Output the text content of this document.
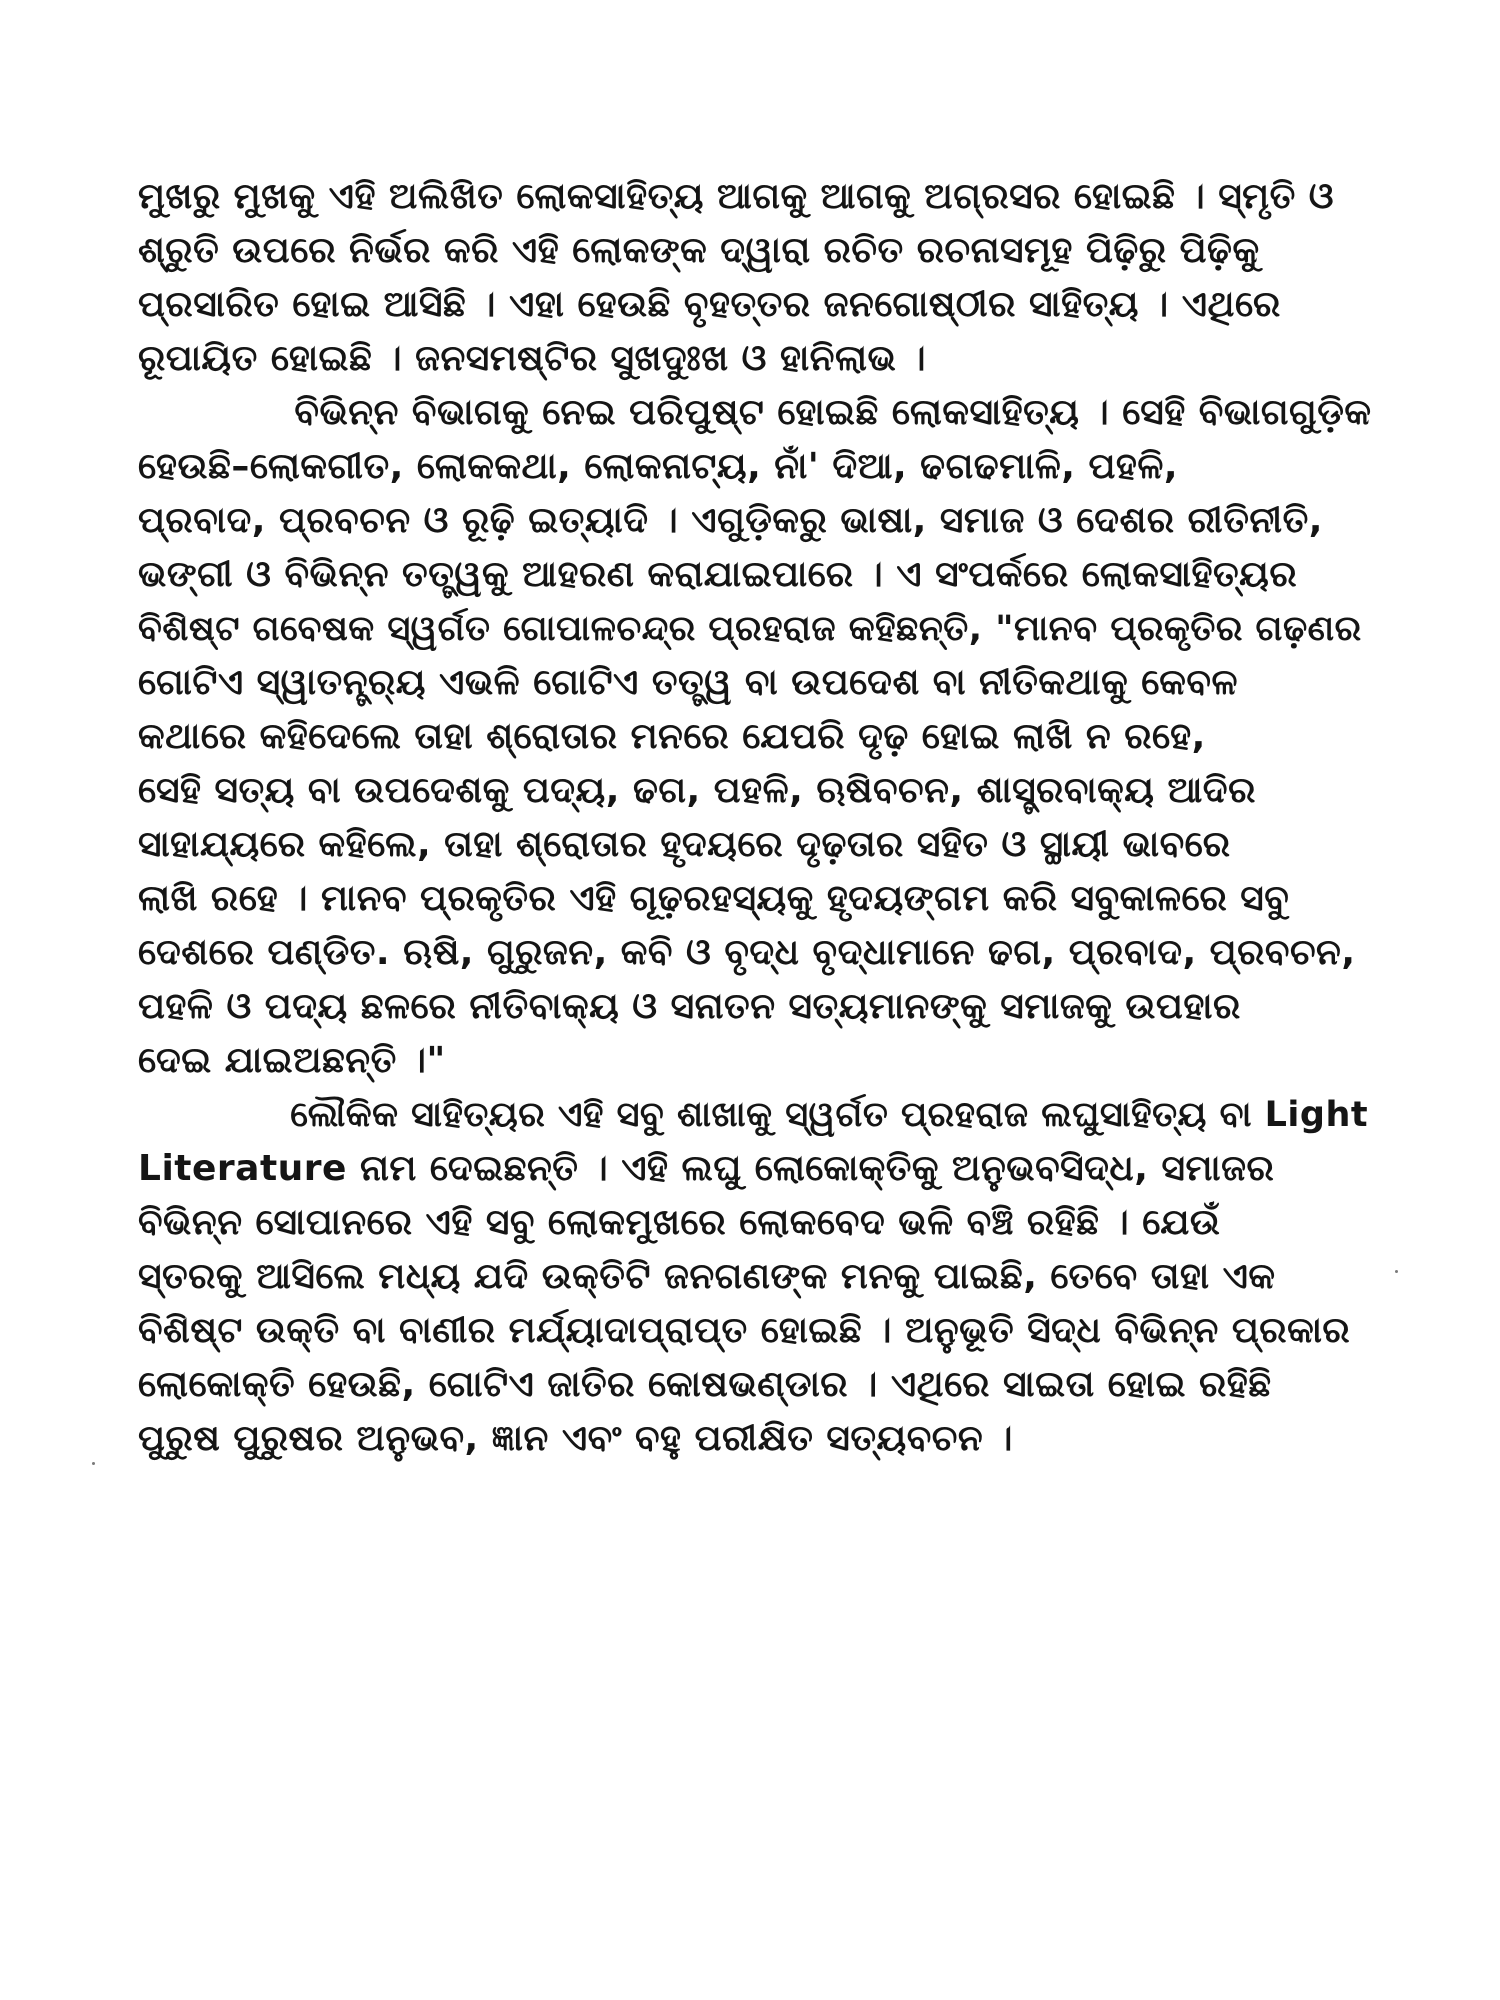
ମୁଖରୁ ମୁଖକୁ ଏହି ଅଲିଖିତ ଲୋକସାହିତ୍ୟ ଆଗକୁ ଆଗକୁ ଅଗ୍ରସର ହୋଇଛି । ସ୍ମୃତି ଓ
ଶ୍ରୁତି ଉପରେ ନିର୍ଭର କରି ଏହି ଲୋକଙ୍କ ଦ୍ୱାରା ରଚିତ ରଚନାସମୂହ ପିଢ଼ିରୁ ପିଢ଼ିକୁ
ପ୍ରସାରିତ ହୋଇ ଆସିଛି । ଏହା ହେଉଛି ବୃହତ୍ତର ଜନଗୋଷ୍ଠୀର ସାହିତ୍ୟ । ଏଥିରେ
ରୂପାୟିତ ହୋଇଛି । ଜନସମଷ୍ଟିର ସୁଖଦୁଃଖ ଓ ହାନିଲାଭ ।
ବିଭିନ୍ନ ବିଭାଗକୁ ନେଇ ପରିପୁଷ୍ଟ ହୋଇଛି ଲୋକସାହିତ୍ୟ । ସେହି ବିଭାଗଗୁଡ଼ିକ
ହେଉଛି–ଲୋକଗୀତ, ଲୋକକଥା, ଲୋକନାଟ୍ୟ, ନାଁ' ଦିଆ, ଢଗଢମାଳି, ପହଳି,
ପ୍ରବାଦ, ପ୍ରବଚନ ଓ ରୂଢ଼ି ଇତ୍ୟାଦି । ଏଗୁଡ଼ିକରୁ ଭାଷା, ସମାଜ ଓ ଦେଶର ରୀତିନୀତି,
ଭଙ୍ଗୀ ଓ ବିଭିନ୍ନ ତତ୍ତ୍ୱକୁ ଆହରଣ କରାଯାଇପାରେ । ଏ ସଂପର୍କରେ ଲୋକସାହିତ୍ୟର
ବିଶିଷ୍ଟ ଗବେଷକ ସ୍ୱର୍ଗତ ଗୋପାଳଚନ୍ଦ୍ର ପ୍ରହରାଜ କହିଛନ୍ତି, "ମାନବ ପ୍ରକୃତିର ଗଢ଼ଣର
ଗୋଟିଏ ସ୍ୱାତନ୍ତ୍ର୍ୟ ଏଭଳି ଗୋଟିଏ ତତ୍ତ୍ୱ ବା ଉପଦେଶ ବା ନୀତିକଥାକୁ କେବଳ
କଥାରେ କହିଦେଲେ ତାହା ଶ୍ରୋତାର ମନରେ ଯେପରି ଦୃଢ଼ ହୋଇ ଲାଖି ନ ରହେ,
ସେହି ସତ୍ୟ ବା ଉପଦେଶକୁ ପଦ୍ୟ, ଢଗ, ପହଳି, ଋଷିବଚନ, ଶାସ୍ତ୍ରବାକ୍ୟ ଆଦିର
ସାହାଯ୍ୟରେ କହିଲେ, ତାହା ଶ୍ରୋତାର ହୃଦୟରେ ଦୃଢ଼ତାର ସହିତ ଓ ସ୍ଥାୟୀ ଭାବରେ
ଲାଖି ରହେ । ମାନବ ପ୍ରକୃତିର ଏହି ଗୂଢ଼ରହସ୍ୟକୁ ହୃଦୟଙ୍ଗମ କରି ସବୁକାଳରେ ସବୁ
ଦେଶରେ ପଣ୍ଡିତ. ଋଷି, ଗୁରୁଜନ, କବି ଓ ବୃଦ୍ଧ ବୃଦ୍ଧାମାନେ ଢଗ, ପ୍ରବାଦ, ପ୍ରବଚନ,
ପହଳି ଓ ପଦ୍ୟ ଛଳରେ ନୀତିବାକ୍ୟ ଓ ସନାତନ ସତ୍ୟମାନଙ୍କୁ ସମାଜକୁ ଉପହାର
ଦେଇ ଯାଇଅଛନ୍ତି ।"
ଲୌକିକ ସାହିତ୍ୟର ଏହି ସବୁ ଶାଖାକୁ ସ୍ୱର୍ଗତ ପ୍ରହରାଜ ଲଘୁସାହିତ୍ୟ ବା Light
Literature ନାମ ଦେଇଛନ୍ତି । ଏହି ଲଘୁ ଲୋକୋକ୍ତିକୁ ଅନୁଭବସିଦ୍ଧ, ସମାଜର
ବିଭିନ୍ନ ସୋପାନରେ ଏହି ସବୁ ଲୋକମୁଖରେ ଲୋକବେଦ ଭଳି ବଞ୍ଚି ରହିଛି । ଯେଉଁ
ସ୍ତରକୁ ଆସିଲେ ମଧ୍ୟ ଯଦି ଉକ୍ତିଟି ଜନଗଣଙ୍କ ମନକୁ ପାଇଛି, ତେବେ ତାହା ଏକ
ବିଶିଷ୍ଟ ଉକ୍ତି ବା ବାଣୀର ମର୍ଯ୍ୟାଦାପ୍ରାପ୍ତ ହୋଇଛି । ଅନୁଭୂତି ସିଦ୍ଧ ବିଭିନ୍ନ ପ୍ରକାର
ଲୋକୋକ୍ତି ହେଉଛି, ଗୋଟିଏ ଜାତିର କୋଷଭଣ୍ଡାର । ଏଥିରେ ସାଇତା ହୋଇ ରହିଛି
ପୁରୁଷ ପୁରୁଷର ଅନୁଭବ, ଜ୍ଞାନ ଏବଂ ବହୁ ପରୀକ୍ଷିତ ସତ୍ୟବଚନ ।
